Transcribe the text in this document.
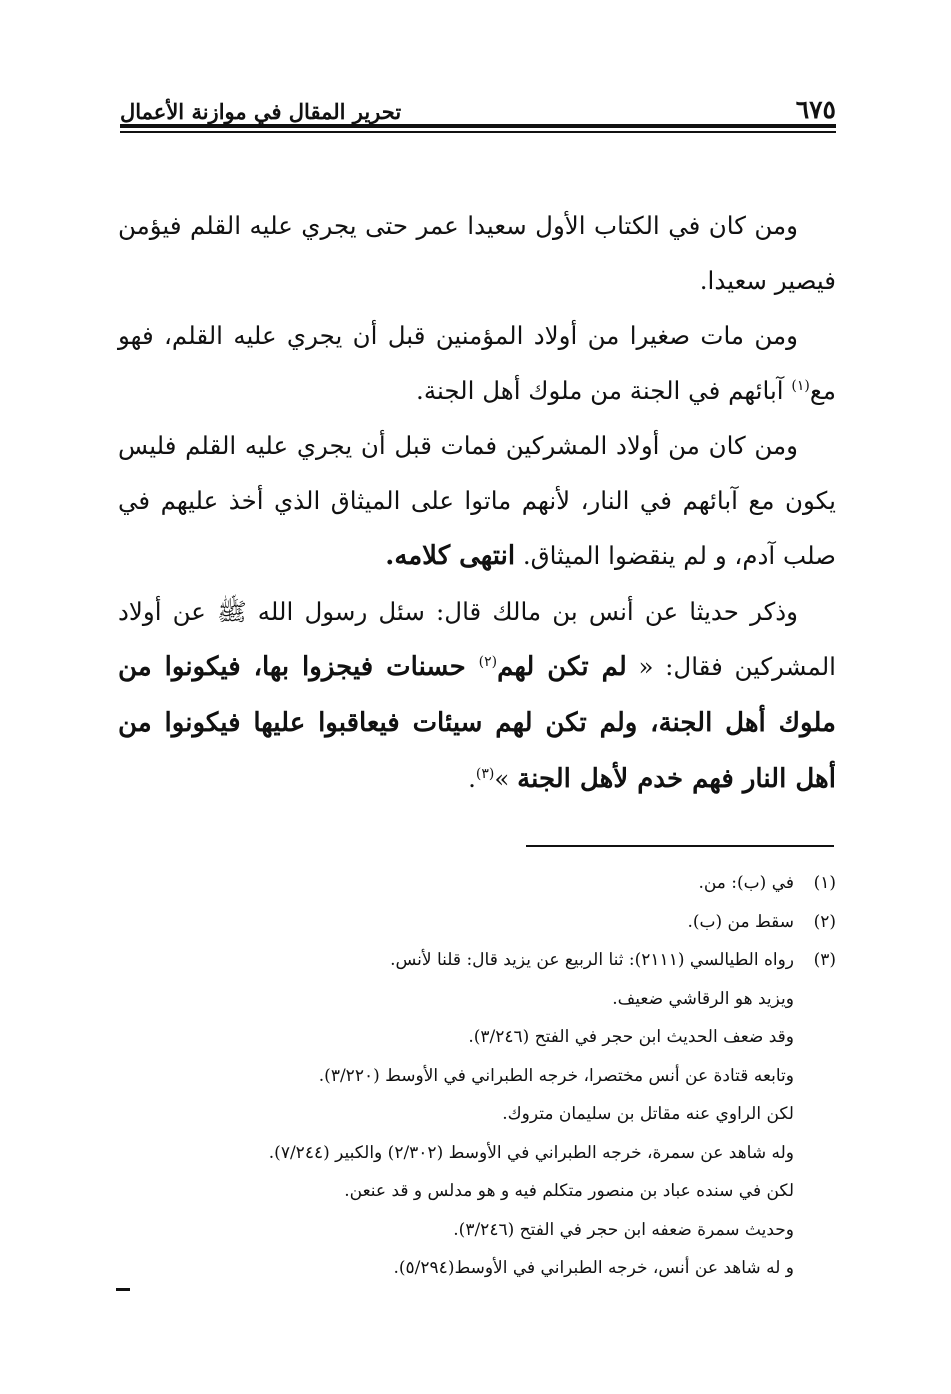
٦٧٥
تحرير المقال في موازنة الأعمال

ومن كان في الكتاب الأول سعيدا عمر حتى يجري عليه القلم فيؤمن فيصير سعيدا.

ومن مات صغيرا من أولاد المؤمنين قبل أن يجري عليه القلم، فهو مع$^{(١)}$ آبائهم في الجنة من ملوك أهل الجنة.

ومن كان من أولاد المشركين فمات قبل أن يجري عليه القلم فليس يكون مع آبائهم في النار، لأنهم ماتوا على الميثاق الذي أخذ عليهم في صلب آدم، و لم ينقضوا الميثاق. انتهى كلامه.

وذكر حديثا عن أنس بن مالك قال: سئل رسول الله ﷺ عن أولاد المشركين فقال: « لم تكن لهم$^{(٢)}$ حسنات فيجزوا بها، فيكونوا من ملوك أهل الجنة، ولم تكن لهم سيئات فيعاقبوا عليها فيكونوا من أهل النار فهم خدم لأهل الجنة »$^{(٣)}$.

(١)
في (ب): من.
(٢)
سقط من (ب).
(٣)
رواه الطيالسي (٢١١١): ثنا الربيع عن يزيد قال: قلنا لأنس.
ويزيد هو الرقاشي ضعيف.
وقد ضعف الحديث ابن حجر في الفتح (٣/٢٤٦).
وتابعه قتادة عن أنس مختصرا، خرجه الطبراني في الأوسط (٣/٢٢٠).
لكن الراوي عنه مقاتل بن سليمان متروك.
وله شاهد عن سمرة، خرجه الطبراني في الأوسط (٢/٣٠٢) والكبير (٧/٢٤٤).
لكن في سنده عباد بن منصور متكلم فيه و هو مدلس و قد عنعن.
وحديث سمرة ضعفه ابن حجر في الفتح (٣/٢٤٦).
و له شاهد عن أنس، خرجه الطبراني في الأوسط(٥/٢٩٤).
